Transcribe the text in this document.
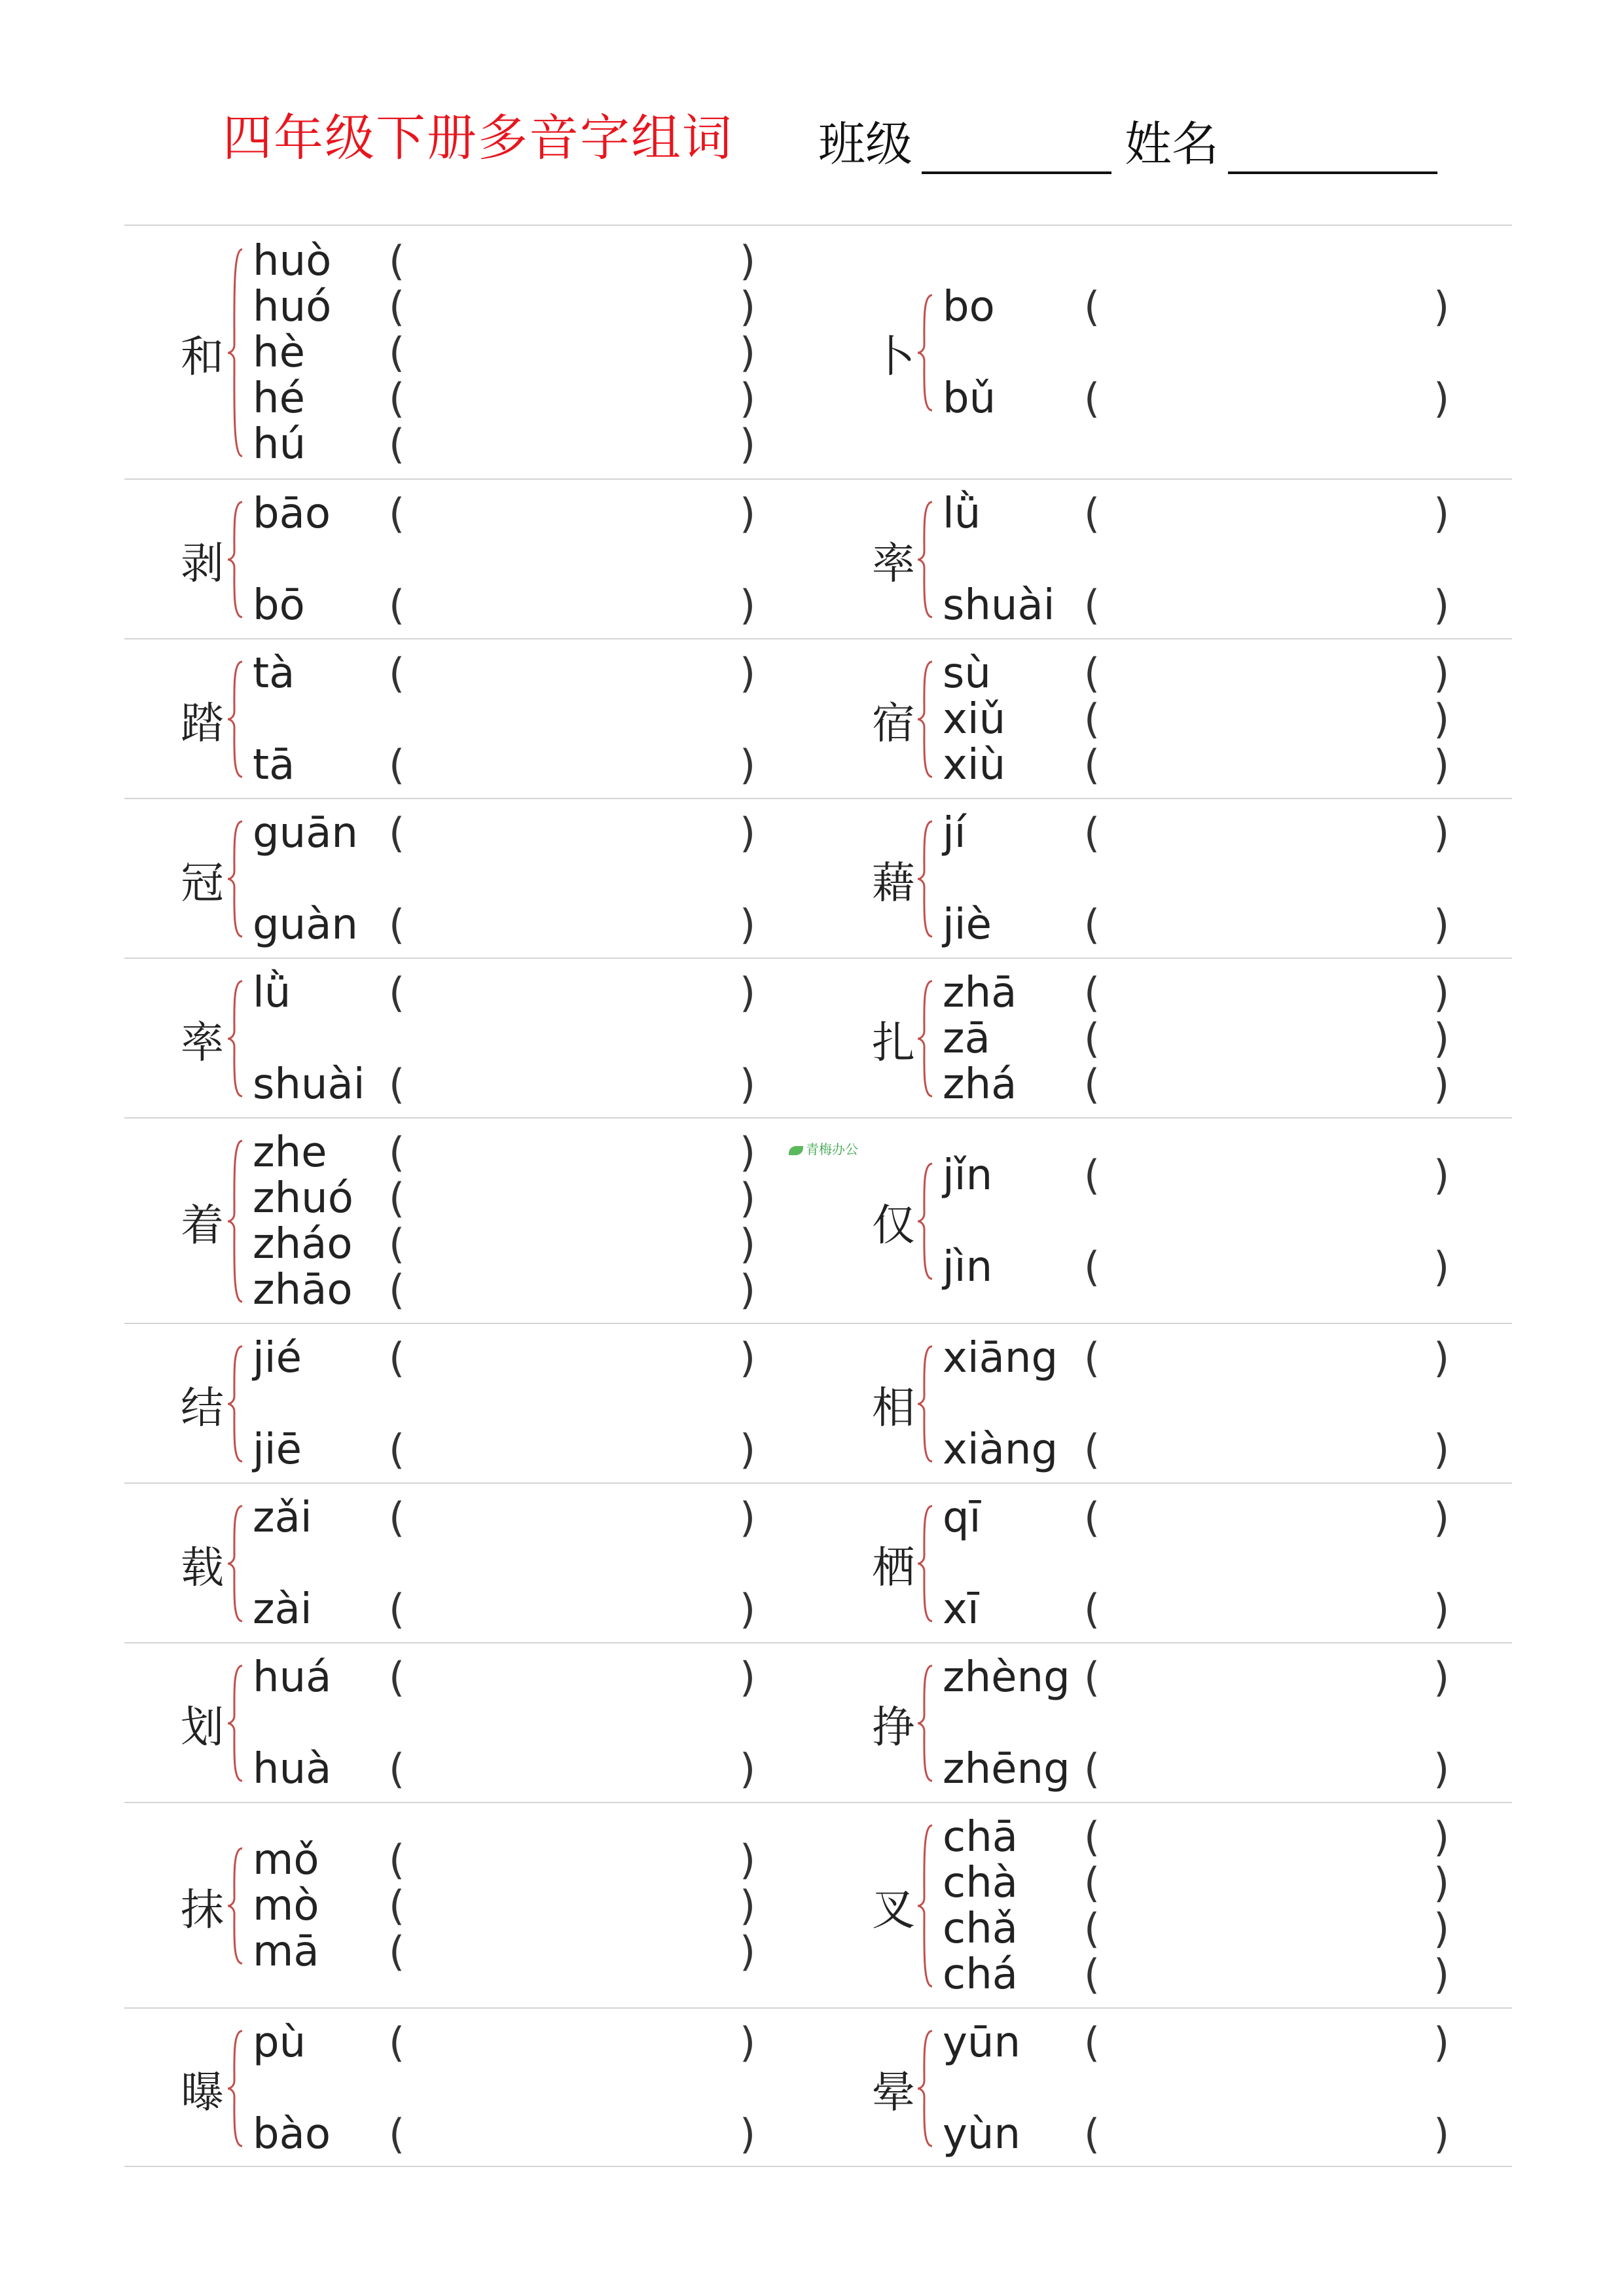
四年级下册多音字组词 班级	姓名
和
huò (	)
huó (	)
hè (	)
hé (	)
hú (	)
卜
bo (	)
bǔ (	)
剥
bāo (	)
bō (	)
率
lǜ	(	)
shuài (	)
踏
tà (	)
tā (	)
宿
sù (	)
xiǔ (	)
xiù (	)
冠
guān (	)
guàn (	)
藉
jí	(	)
jiè (	)
率
lǜ (	)
shuài (	)
扎
zhā (	)
zā (	)
zhá (	)
着
zhe (	)
zhuó (	)
zháo (	)
zhāo (	)
仅
jǐn (	)
jìn (	)
结
jié (	)
jiē (	)
相
xiāng (	)
xiàng (	)
载
zǎi (	)
zài (	)
栖
qī	(	)
xī	(	)
划
huá (	)
huà (	)
挣
zhèng (	)
zhēng (	)
抹
mǒ (	)
mò (	)
mā (	)
叉
chā (	)
chà (	)
chǎ (	)
chá (	)
曝
pù (	)
bào (	)
晕
yūn (	)
yùn (	)
青梅办公
